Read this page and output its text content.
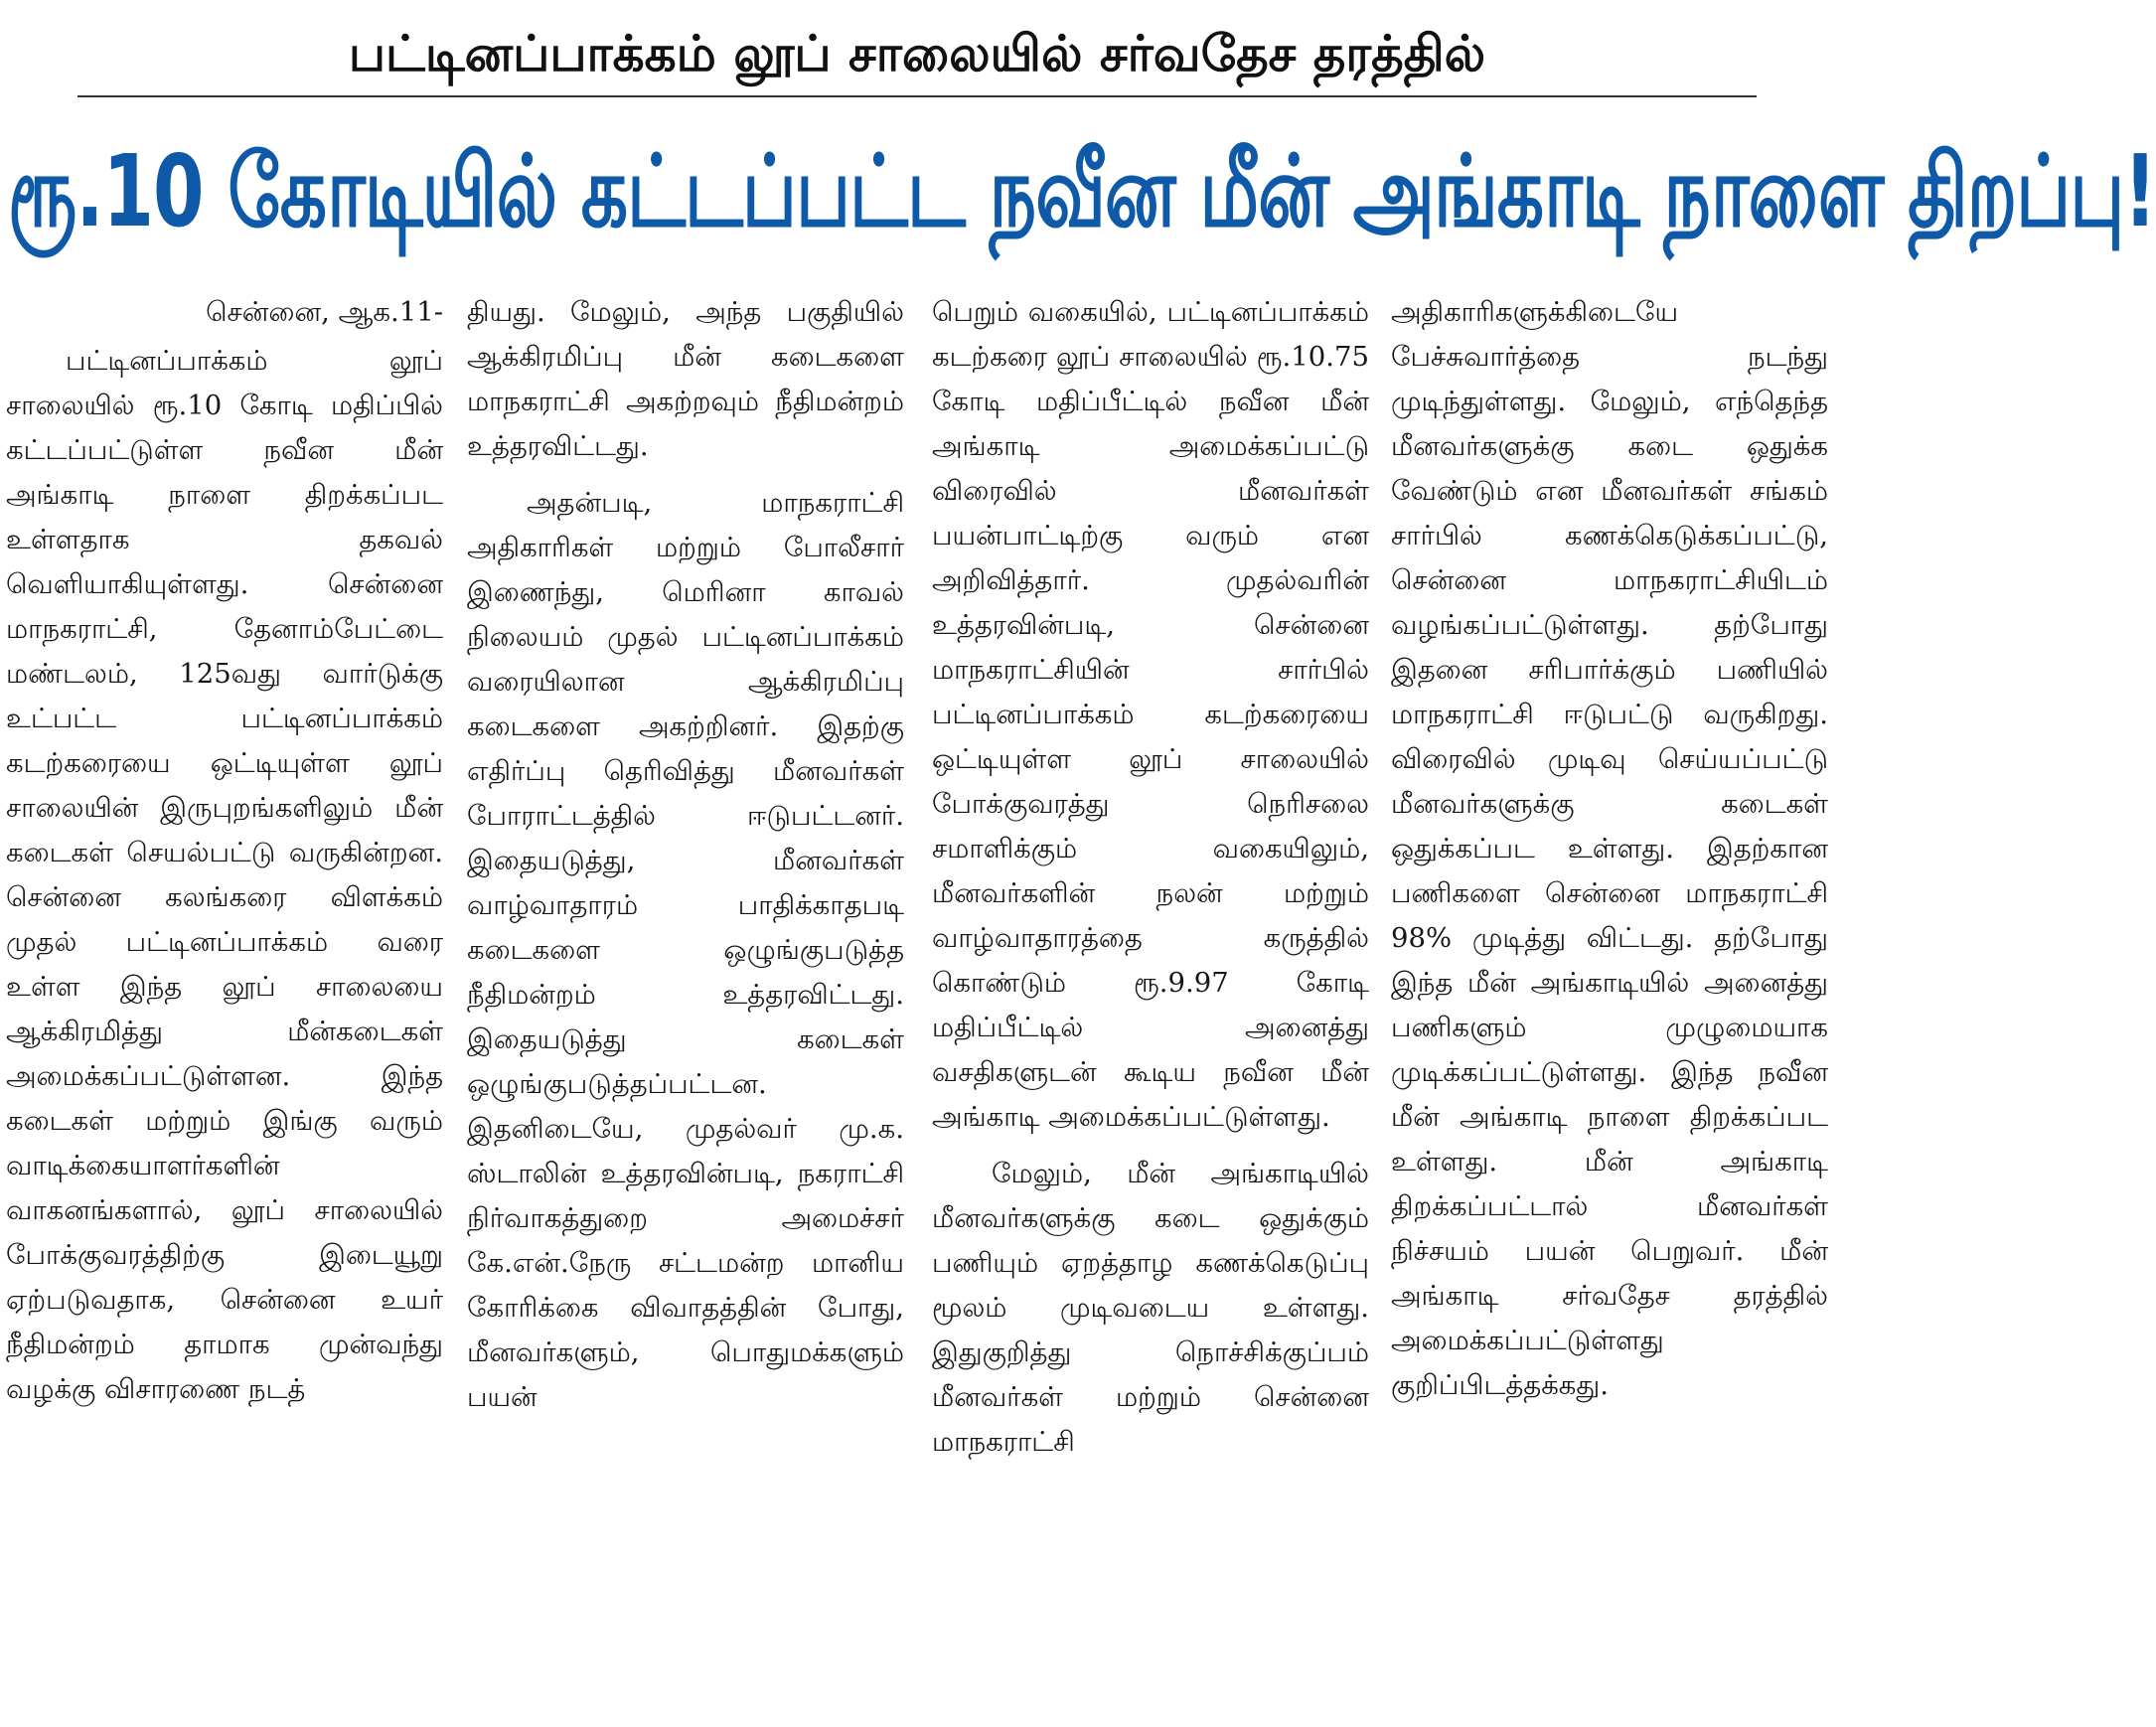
பட்டினப்பாக்கம் லூப் சாலையில் சர்வதேச தரத்தில்
ரூ.10 கோடியில் கட்டப்பட்ட நவீன மீன் அங்காடி நாளை திறப்பு!

சென்னை, ஆக.11-

பட்டினப்பாக்கம் லூப் சாலையில் ரூ.10 கோடி மதிப்பில் கட்டப்பட்டுள்ள நவீன மீன் அங்காடி நாளை திறக்கப்பட உள்ளதாக தகவல் வெளியாகியுள்ளது. சென்னை மாநகராட்சி, தேனாம்பேட்டை மண்டலம், 125வது வார்டுக்கு உட்பட்ட பட்டினப்பாக்கம் கடற்கரையை ஒட்டியுள்ள லூப் சாலையின் இருபுறங்களிலும் மீன் கடைகள் செயல்பட்டு வருகின்றன. சென்னை கலங்கரை விளக்கம் முதல் பட்டினப்பாக்கம் வரை உள்ள இந்த லூப் சாலையை ஆக்கிரமித்து மீன்கடைகள் அமைக்கப்பட்டுள்ளன. இந்த கடைகள் மற்றும் இங்கு வரும் வாடிக்கையாளர்களின் வாகனங்களால், லூப் சாலையில் போக்குவரத்திற்கு இடையூறு ஏற்படுவதாக, சென்னை உயர் நீதிமன்றம் தாமாக முன்வந்து வழக்கு விசாரணை நடத்

தியது. மேலும், அந்த பகுதியில் ஆக்கிரமிப்பு மீன் கடைகளை மாநகராட்சி அகற்றவும் நீதிமன்றம் உத்தரவிட்டது.

அதன்படி, மாநகராட்சி அதிகாரிகள் மற்றும் போலீசார் இணைந்து, மெரினா காவல் நிலையம் முதல் பட்டினப்பாக்கம் வரையிலான ஆக்கிரமிப்பு கடைகளை அகற்றினர். இதற்கு எதிர்ப்பு தெரிவித்து மீனவர்கள் போராட்டத்தில் ஈடுபட்டனர். இதையடுத்து, மீனவர்கள் வாழ்வாதாரம் பாதிக்காதபடி கடைகளை ஒழுங்குபடுத்த நீதிமன்றம் உத்தரவிட்டது. இதையடுத்து கடைகள் ஒழுங்குபடுத்தப்பட்டன. இதனிடையே, முதல்வர் மு.க. ஸ்டாலின் உத்தரவின்படி, நகராட்சி நிர்வாகத்துறை அமைச்சர் கே.என்.நேரு சட்டமன்ற மானிய கோரிக்கை விவாதத்தின் போது, மீனவர்களும், பொதுமக்களும் பயன்

பெறும் வகையில், பட்டினப்பாக்கம் கடற்கரை லூப் சாலையில் ரூ.10.75 கோடி மதிப்பீட்டில் நவீன மீன் அங்காடி அமைக்கப்பட்டு விரைவில் மீனவர்கள் பயன்பாட்டிற்கு வரும் என அறிவித்தார். முதல்வரின் உத்தரவின்படி, சென்னை மாநகராட்சியின் சார்பில் பட்டினப்பாக்கம் கடற்கரையை ஒட்டியுள்ள லூப் சாலையில் போக்குவரத்து நெரிசலை சமாளிக்கும் வகையிலும், மீனவர்களின் நலன் மற்றும் வாழ்வாதாரத்தை கருத்தில் கொண்டும் ரூ.9.97 கோடி மதிப்பீட்டில் அனைத்து வசதிகளுடன் கூடிய நவீன மீன் அங்காடி அமைக்கப்பட்டுள்ளது.

மேலும், மீன் அங்காடியில் மீனவர்களுக்கு கடை ஒதுக்கும் பணியும் ஏறத்தாழ கணக்கெடுப்பு மூலம் முடிவடைய உள்ளது. இதுகுறித்து நொச்சிக்குப்பம் மீனவர்கள் மற்றும் சென்னை மாநகராட்சி

அதிகாரிகளுக்கிடையே பேச்சுவார்த்தை நடந்து முடிந்துள்ளது. மேலும், எந்தெந்த மீனவர்களுக்கு கடை ஒதுக்க வேண்டும் என மீனவர்கள் சங்கம் சார்பில் கணக்கெடுக்கப்பட்டு, சென்னை மாநகராட்சியிடம் வழங்கப்பட்டுள்ளது. தற்போது இதனை சரிபார்க்கும் பணியில் மாநகராட்சி ஈடுபட்டு வருகிறது. விரைவில் முடிவு செய்யப்பட்டு மீனவர்களுக்கு கடைகள் ஒதுக்கப்பட உள்ளது. இதற்கான பணிகளை சென்னை மாநகராட்சி 98% முடித்து விட்டது. தற்போது இந்த மீன் அங்காடியில் அனைத்து பணிகளும் முழுமையாக முடிக்கப்பட்டுள்ளது. இந்த நவீன மீன் அங்காடி நாளை திறக்கப்பட உள்ளது. மீன் அங்காடி திறக்கப்பட்டால் மீனவர்கள் நிச்சயம் பயன் பெறுவர். மீன் அங்காடி சர்வதேச தரத்தில் அமைக்கப்பட்டுள்ளது குறிப்பிடத்தக்கது.
